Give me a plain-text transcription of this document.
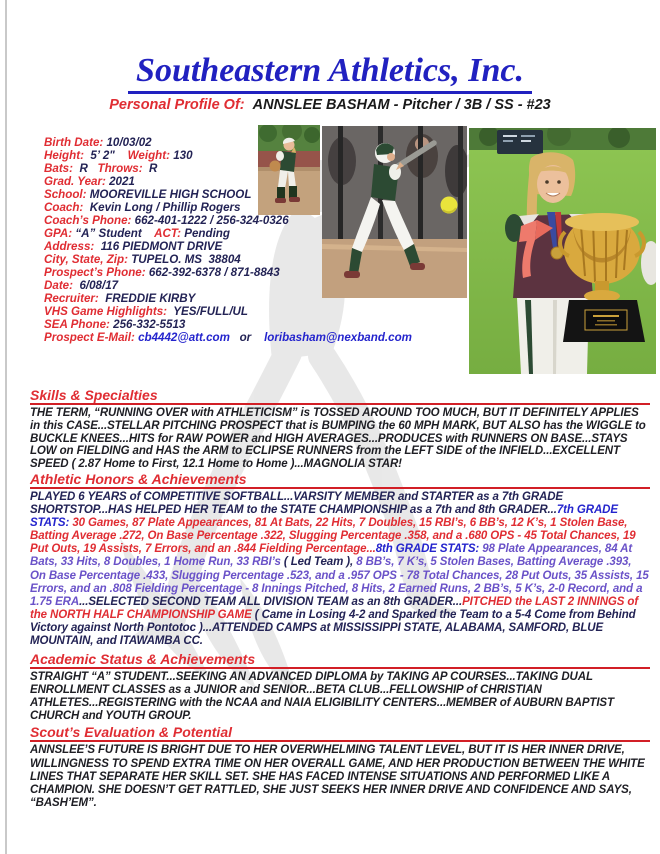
Southeastern Athletics, Inc.
Personal Profile Of: ANNSLEE BASHAM - Pitcher / 3B / SS - #23
Birth Date: 10/03/02
Height:  5’ 2"    Weight: 130
Bats:  R   Throws:  R
Grad. Year: 2021
School: MOOREVILLE HIGH SCHOOL
Coach:  Kevin Long / Phillip Rogers
Coach’s Phone: 662-401-1222 / 256-324-0326
GPA: “A” Student    ACT: Pending
Address:  116 PIEDMONT DRIVE
City, State, Zip: TUPELO. MS  38804
Prospect’s Phone: 662-392-6378 / 871-8843
Date:  6/08/17
Recruiter:  FREDDIE KIRBY
VHS Game Highlights:  YES/FULL/UL
SEA Phone: 256-332-5513
Prospect E-Mail: cb4442@att.com   or    loribasham@nexband.com
Skills & Specialties
THE TERM, “RUNNING OVER with ATHLETICISM” is TOSSED AROUND TOO MUCH, BUT IT DEFINITELY APPLIES in this CASE...STELLAR PITCHING PROSPECT that is BUMPING the 60 MPH MARK, BUT ALSO has the WIGGLE to BUCKLE KNEES...HITS for RAW POWER and HIGH AVERAGES...PRODUCES with RUNNERS ON BASE...STAYS LOW on FIELDING and HAS the ARM to ECLIPSE RUNNERS from the LEFT SIDE of the INFIELD...EXCELLENT SPEED ( 2.87 Home to First, 12.1 Home to Home )...MAGNOLIA STAR!
Athletic Honors & Achievements
PLAYED 6 YEARS of COMPETITIVE SOFTBALL...VARSITY MEMBER and STARTER as a 7th GRADE SHORTSTOP...HAS HELPED HER TEAM to the STATE CHAMPIONSHIP as a 7th and 8th GRADER...7th GRADE STATS: 30 Games, 87 Plate Appearances, 81 At Bats, 22 Hits, 7 Doubles, 15 RBI’s, 6 BB’s, 12 K’s, 1 Stolen Base, Batting Average .272, On Base Percentage .322, Slugging Percentage .358, and a .680 OPS - 45 Total Chances, 19 Put Outs, 19 Assists, 7 Errors, and an .844 Fielding Percentage...8th GRADE STATS: 98 Plate Appearances, 84 At Bats, 33 Hits, 8 Doubles, 1 Home Run, 33 RBI’s ( Led Team ), 8 BB’s, 7 K’s, 5 Stolen Bases, Batting Average .393, On Base Percentage .433, Slugging Percentage .523, and a .957 OPS - 78 Total Chances, 28 Put Outs, 35 Assists, 15 Errors, and an .808 Fielding Percentage - 8 Innings Pitched, 8 Hits, 2 Earned Runs, 2 BB’s, 5 K’s, 2-0 Record, and a 1.75 ERA...SELECTED SECOND TEAM ALL DIVISION TEAM as an 8th GRADER...PITCHED the LAST 2 INNINGS of the NORTH HALF CHAMPIONSHIP GAME ( Came in Losing 4-2 and Sparked the Team to a 5-4 Come from Behind Victory against North Pontotoc )...ATTENDED CAMPS at MISSISSIPPI STATE, ALABAMA, SAMFORD, BLUE MOUNTAIN, and ITAWAMBA CC.
Academic Status & Achievements
STRAIGHT “A” STUDENT...SEEKING AN ADVANCED DIPLOMA by TAKING AP COURSES...TAKING DUAL ENROLLMENT CLASSES as a JUNIOR and SENIOR...BETA CLUB...FELLOWSHIP of CHRISTIAN ATHLETES...REGISTERING with the NCAA and NAIA ELIGIBILITY CENTERS...MEMBER of AUBURN BAPTIST CHURCH and YOUTH GROUP.
Scout’s Evaluation & Potential
ANNSLEE’S FUTURE IS BRIGHT DUE TO HER OVERWHELMING TALENT LEVEL, BUT IT IS HER INNER DRIVE, WILLINGNESS TO SPEND EXTRA TIME ON HER OVERALL GAME, AND HER PRODUCTION BETWEEN THE WHITE LINES THAT SEPARATE HER SKILL SET. SHE HAS FACED INTENSE SITUATIONS AND PERFORMED LIKE A CHAMPION. SHE DOESN’T GET RATTLED, SHE JUST SEEKS HER INNER DRIVE AND CONFIDENCE AND SAYS, “BASH’EM”.
